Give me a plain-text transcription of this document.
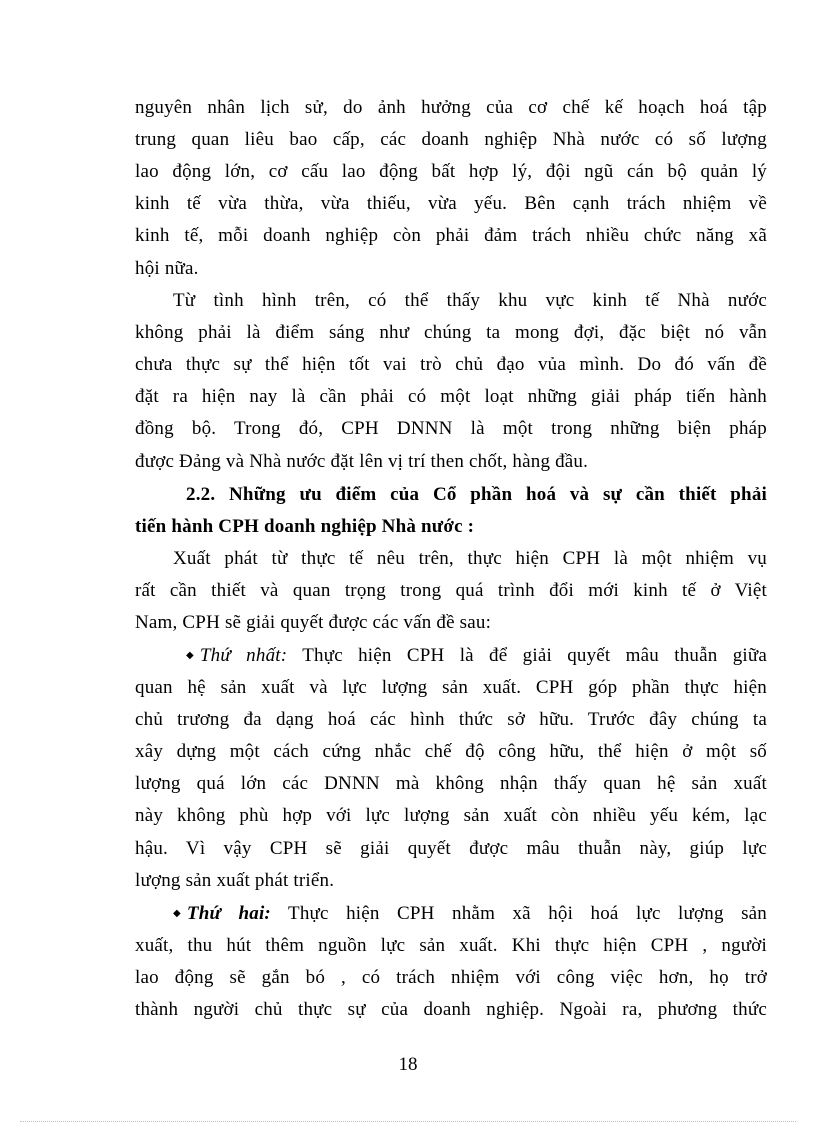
nguyên nhân lịch sử, do ảnh hưởng của cơ chế kế hoạch hoá tập
trung quan liêu bao cấp, các doanh nghiệp Nhà nước có số lượng
lao động lớn, cơ cấu lao động bất hợp lý, đội ngũ cán bộ quản lý
kinh tế vừa thừa, vừa thiếu, vừa yếu. Bên cạnh trách nhiệm về
kinh tế, mỗi doanh nghiệp còn phải đảm trách nhiều chức năng xã
hội nữa.
Từ tình hình trên, có thể thấy khu vực kinh tế Nhà nước
không phải là điểm sáng như chúng ta mong đợi, đặc biệt nó vẫn
chưa thực sự thể hiện tốt vai trò chủ đạo vủa mình. Do đó vấn đề
đặt ra hiện nay là cần phải có một loạt những giải pháp tiến hành
đồng bộ. Trong đó, CPH DNNN là một trong những biện pháp
được Đảng và Nhà nước đặt lên vị trí then chốt, hàng đầu.
2.2. Những ưu điểm của Cổ phần hoá và sự cần thiết phải
tiến hành CPH doanh nghiệp Nhà nước :
Xuất phát từ thực tế nêu trên, thực hiện CPH là một nhiệm vụ
rất cần thiết và quan trọng trong quá trình đổi mới kinh tế ở Việt
Nam, CPH sẽ giải quyết được các vấn đề sau:
◆ Thứ nhất: Thực hiện CPH là để giải quyết mâu thuẫn giữa
quan hệ sản xuất và lực lượng sản xuất. CPH góp phần thực hiện
chủ trương đa dạng hoá các hình thức sở hữu. Trước đây chúng ta
xây dựng một cách cứng nhắc chế độ công hữu, thể hiện ở một số
lượng quá lớn các DNNN mà không nhận thấy quan hệ sản xuất
này không phù hợp với lực lượng sản xuất còn nhiều yếu kém, lạc
hậu. Vì vậy CPH sẽ giải quyết được mâu thuẫn này, giúp lực
lượng sản xuất phát triển.
◆ Thứ hai: Thực hiện CPH nhằm xã hội hoá lực lượng sản
xuất, thu hút thêm nguồn lực sản xuất. Khi thực hiện CPH , người
lao động sẽ gắn bó , có trách nhiệm với công việc hơn, họ trở
thành người chủ thực sự của doanh nghiệp. Ngoài ra, phương thức
18
